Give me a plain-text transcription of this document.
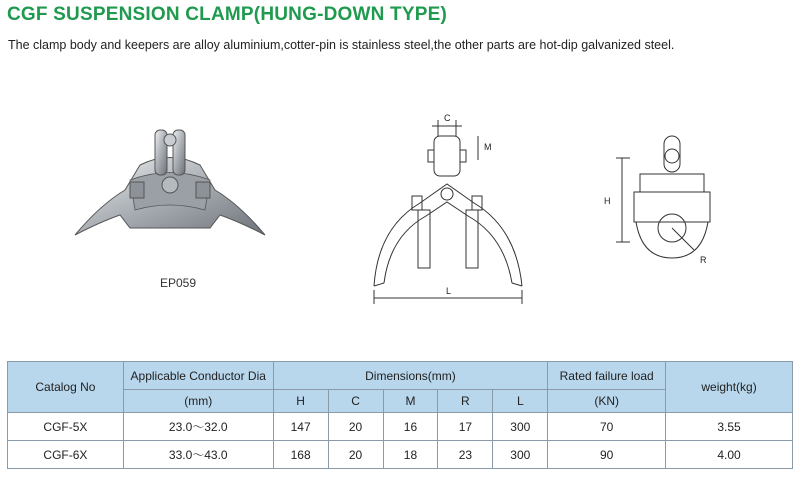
CGF SUSPENSION CLAMP(HUNG-DOWN TYPE)
The clamp body and keepers are alloy aluminium,cotter-pin is stainless steel,the other parts are hot-dip galvanized steel.
EP059
C
M
L
R
H
Catalog No	Applicable Conductor Dia	Dimensions(mm)					Rated failure load	weight(kg)
	(mm)	H	C	M	R	L	(KN)	
CGF-5X	23.0～32.0	147	20	16	17	300	70	3.55
CGF-6X	33.0～43.0	168	20	18	23	300	90	4.00
